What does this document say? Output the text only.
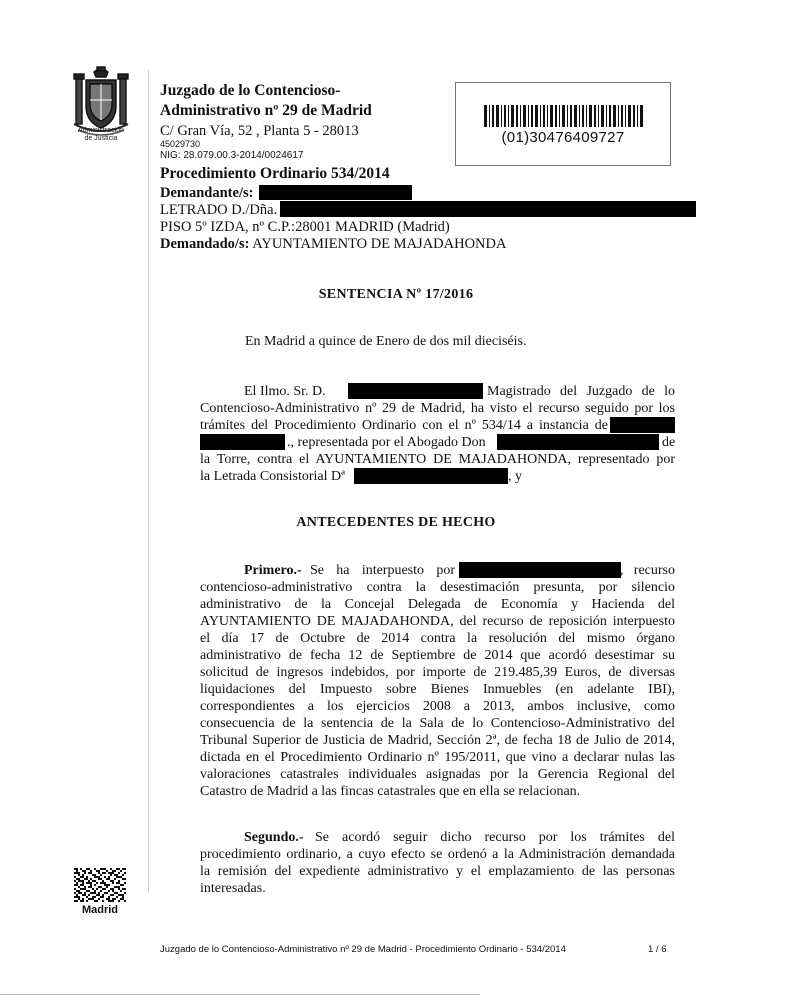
Administración
de Justicia
Juzgado de lo Contencioso-
Administrativo nº 29 de Madrid
C/ Gran Vía, 52 , Planta 5 - 28013
45029730
NIG: 28.079.00.3-2014/0024617
Procedimiento Ordinario 534/2014
Demandante/s:
LETRADO D./Dña.
PISO 5º IZDA, nº C.P.:28001 MADRID (Madrid)
Demandado/s: AYUNTAMIENTO DE MAJADAHONDA
(01)30476409727
SENTENCIA Nº 17/2016
En Madrid a quince de Enero de dos mil dieciséis.
El Ilmo. Sr. D.	Magistrado del Juzgado de lo
Contencioso-Administrativo nº 29 de Madrid, ha visto el recurso seguido por los
trámites del Procedimiento Ordinario con el nº 534/14 a instancia de
., representada por el Abogado Don	de
la Torre, contra el AYUNTAMIENTO DE MAJADAHONDA, representado por
la Letrada Consistorial Dª	, y
ANTECEDENTES DE HECHO
Primero.- Se ha interpuesto por	, recurso
contencioso-administrativo contra la desestimación presunta, por silencio
administrativo de la Concejal Delegada de Economía y Hacienda del
AYUNTAMIENTO DE MAJADAHONDA, del recurso de reposición interpuesto
el día 17 de Octubre de 2014 contra la resolución del mismo órgano
administrativo de fecha 12 de Septiembre de 2014 que acordó desestimar su
solicitud de ingresos indebidos, por importe de 219.485,39 Euros, de diversas
liquidaciones del Impuesto sobre Bienes Inmuebles (en adelante IBI),
correspondientes a los ejercicios 2008 a 2013, ambos inclusive, como
consecuencia de la sentencia de la Sala de lo Contencioso-Administrativo del
Tribunal Superior de Justicia de Madrid, Sección 2ª, de fecha 18 de Julio de 2014,
dictada en el Procedimiento Ordinario nº 195/2011, que vino a declarar nulas las
valoraciones catastrales individuales asignadas por la Gerencia Regional del
Catastro de Madrid a las fincas catastrales que en ella se relacionan.
Segundo.- Se acordó seguir dicho recurso por los trámites del
procedimiento ordinario, a cuyo efecto se ordenó a la Administración demandada
la remisión del expediente administrativo y el emplazamiento de las personas
interesadas.
Madrid
Juzgado de lo Contencioso-Administrativo nº 29 de Madrid - Procedimiento Ordinario - 534/2014	1 / 6
